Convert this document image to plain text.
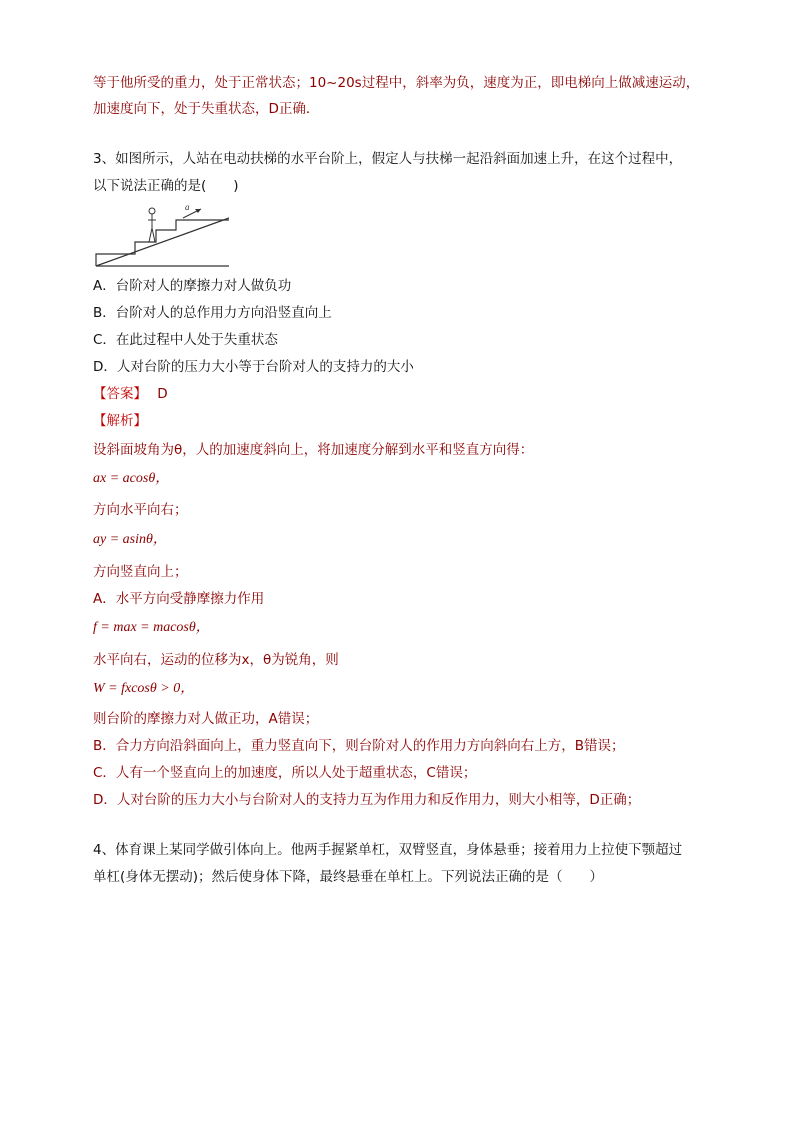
等于他所受的重力，处于正常状态；10~20s过程中，斜率为负，速度为正，即电梯向上做减速运动，
加速度向下，处于失重状态，D正确．
3、如图所示，人站在电动扶梯的水平台阶上，假定人与扶梯一起沿斜面加速上升，在这个过程中，
以下说法正确的是(　　)
a
A．台阶对人的摩擦力对人做负功
B．台阶对人的总作用力方向沿竖直向上
C．在此过程中人处于失重状态
D．人对台阶的压力大小等于台阶对人的支持力的大小
【答案】 D
【解析】
设斜面坡角为θ，人的加速度斜向上，将加速度分解到水平和竖直方向得：
ax = acosθ，
方向水平向右；
ay = asinθ，
方向竖直向上；
A．水平方向受静摩擦力作用
f = max = macosθ，
水平向右，运动的位移为x，θ为锐角，则
W = fxcosθ > 0，
则台阶的摩擦力对人做正功，A错误；
B．合力方向沿斜面向上，重力竖直向下，则台阶对人的作用力方向斜向右上方，B错误；
C．人有一个竖直向上的加速度，所以人处于超重状态，C错误；
D．人对台阶的压力大小与台阶对人的支持力互为作用力和反作用力，则大小相等，D正确；
4、体育课上某同学做引体向上。他两手握紧单杠，双臂竖直，身体悬垂；接着用力上拉使下颚超过
单杠(身体无摆动)；然后使身体下降，最终悬垂在单杠上。下列说法正确的是（　　）
